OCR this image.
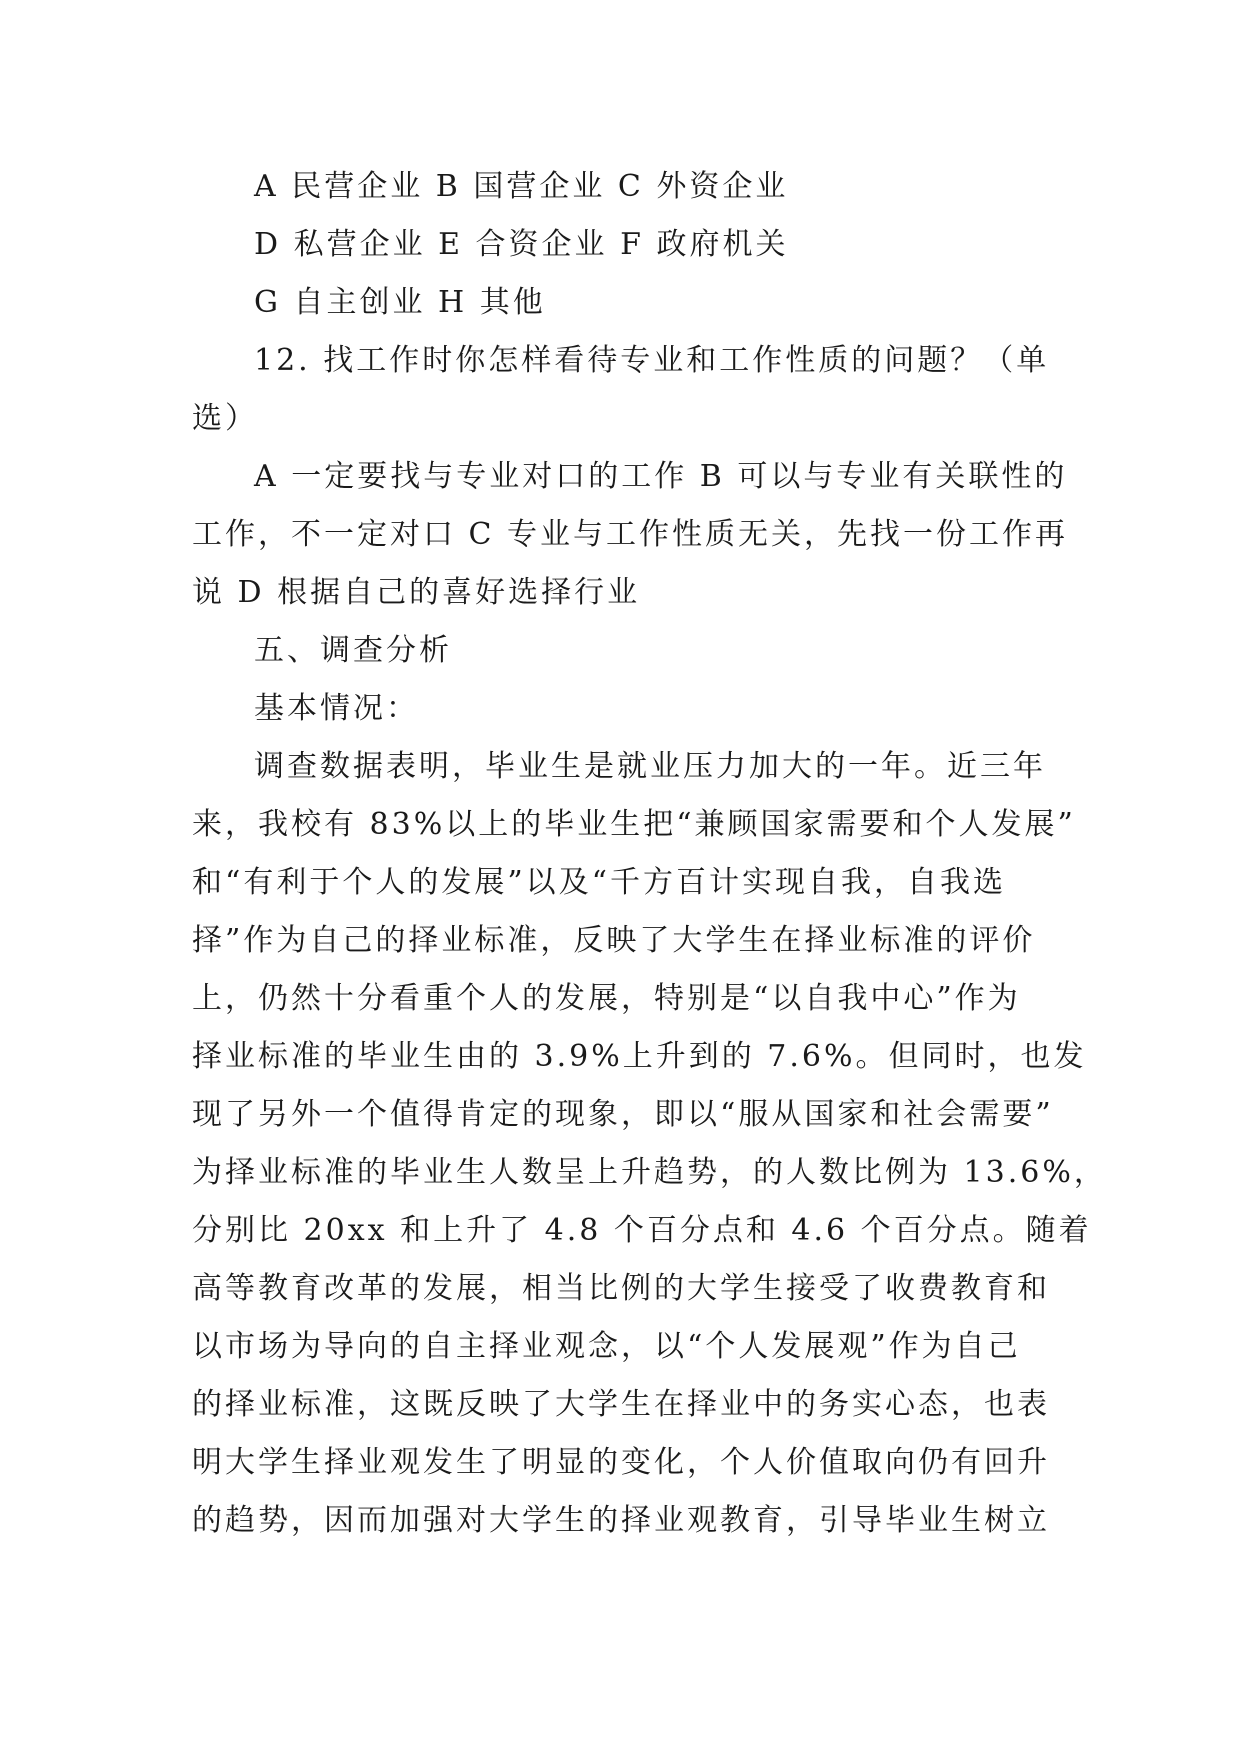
A 民营企业 B 国营企业 C 外资企业
D 私营企业 E 合资企业 F 政府机关
G 自主创业 H 其他
12. 找工作时你怎样看待专业和工作性质的问题？（单
选）
A 一定要找与专业对口的工作 B 可以与专业有关联性的
工作，不一定对口 C 专业与工作性质无关，先找一份工作再
说 D 根据自己的喜好选择行业
五、调查分析
基本情况：
调查数据表明，毕业生是就业压力加大的一年。近三年
来，我校有 83%以上的毕业生把“兼顾国家需要和个人发展”
和“有利于个人的发展”以及“千方百计实现自我，自我选
择”作为自己的择业标准，反映了大学生在择业标准的评价
上，仍然十分看重个人的发展，特别是“以自我中心”作为
择业标准的毕业生由的 3.9%上升到的 7.6%。但同时，也发
现了另外一个值得肯定的现象，即以“服从国家和社会需要”
为择业标准的毕业生人数呈上升趋势，的人数比例为 13.6%，
分别比 20xx 和上升了 4.8 个百分点和 4.6 个百分点。随着
高等教育改革的发展，相当比例的大学生接受了收费教育和
以市场为导向的自主择业观念，以“个人发展观”作为自己
的择业标准，这既反映了大学生在择业中的务实心态，也表
明大学生择业观发生了明显的变化，个人价值取向仍有回升
的趋势，因而加强对大学生的择业观教育，引导毕业生树立
